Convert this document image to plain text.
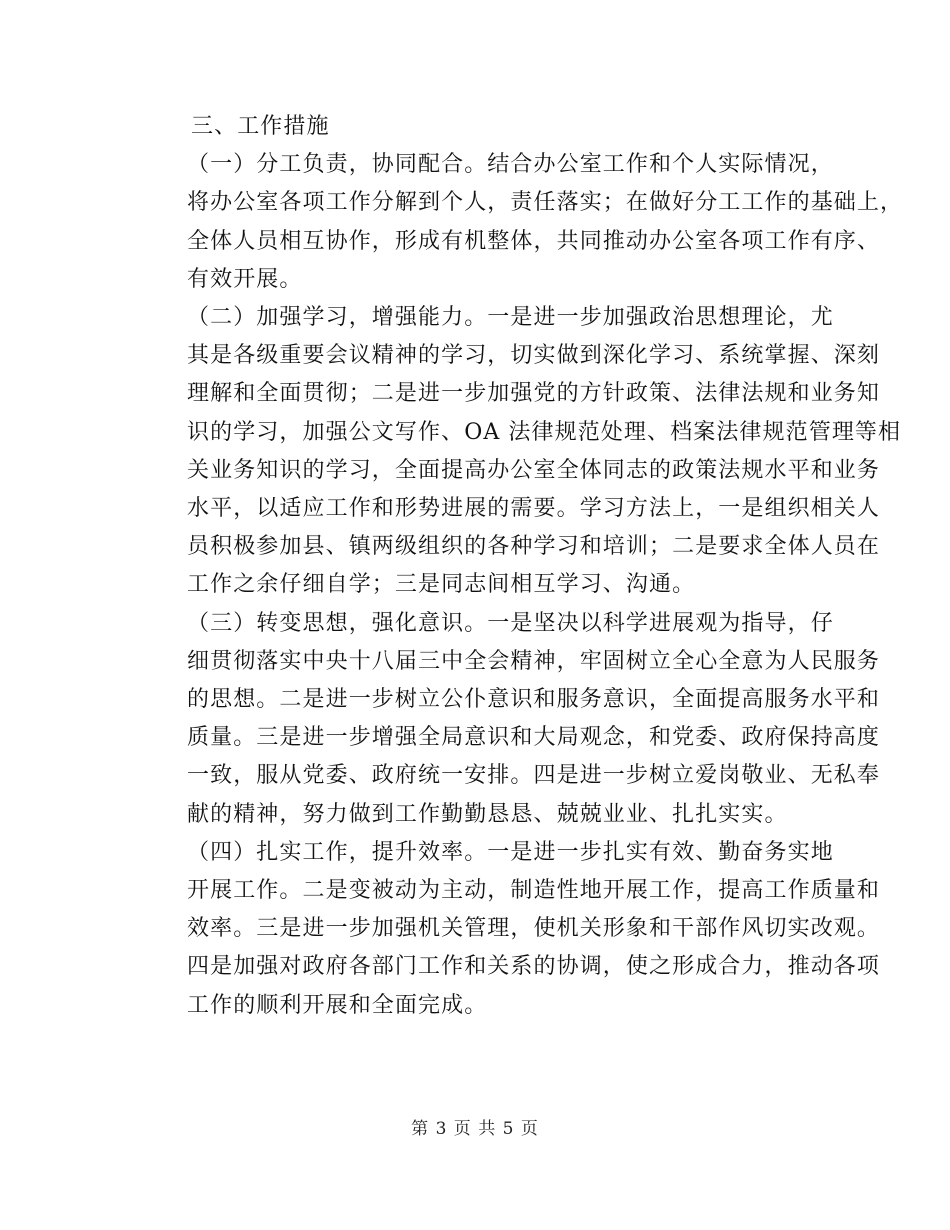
三、工作措施

（一）分工负责，协同配合。结合办公室工作和个人实际情况，
将办公室各项工作分解到个人，责任落实；在做好分工工作的基础上，
全体人员相互协作，形成有机整体，共同推动办公室各项工作有序、
有效开展。

（二）加强学习，增强能力。一是进一步加强政治思想理论，尤
其是各级重要会议精神的学习，切实做到深化学习、系统掌握、深刻
理解和全面贯彻；二是进一步加强党的方针政策、法律法规和业务知
识的学习，加强公文写作、OA 法律规范处理、档案法律规范管理等相
关业务知识的学习，全面提高办公室全体同志的政策法规水平和业务
水平，以适应工作和形势进展的需要。学习方法上，一是组织相关人
员积极参加县、镇两级组织的各种学习和培训；二是要求全体人员在
工作之余仔细自学；三是同志间相互学习、沟通。

（三）转变思想，强化意识。一是坚决以科学进展观为指导，仔
细贯彻落实中央十八届三中全会精神，牢固树立全心全意为人民服务
的思想。二是进一步树立公仆意识和服务意识，全面提高服务水平和
质量。三是进一步增强全局意识和大局观念，和党委、政府保持高度
一致，服从党委、政府统一安排。四是进一步树立爱岗敬业、无私奉
献的精神，努力做到工作勤勤恳恳、兢兢业业、扎扎实实。

（四）扎实工作，提升效率。一是进一步扎实有效、勤奋务实地
开展工作。二是变被动为主动，制造性地开展工作，提高工作质量和
效率。三是进一步加强机关管理，使机关形象和干部作风切实改观。
四是加强对政府各部门工作和关系的协调，使之形成合力，推动各项
工作的顺利开展和全面完成。

第 3 页 共 5 页
